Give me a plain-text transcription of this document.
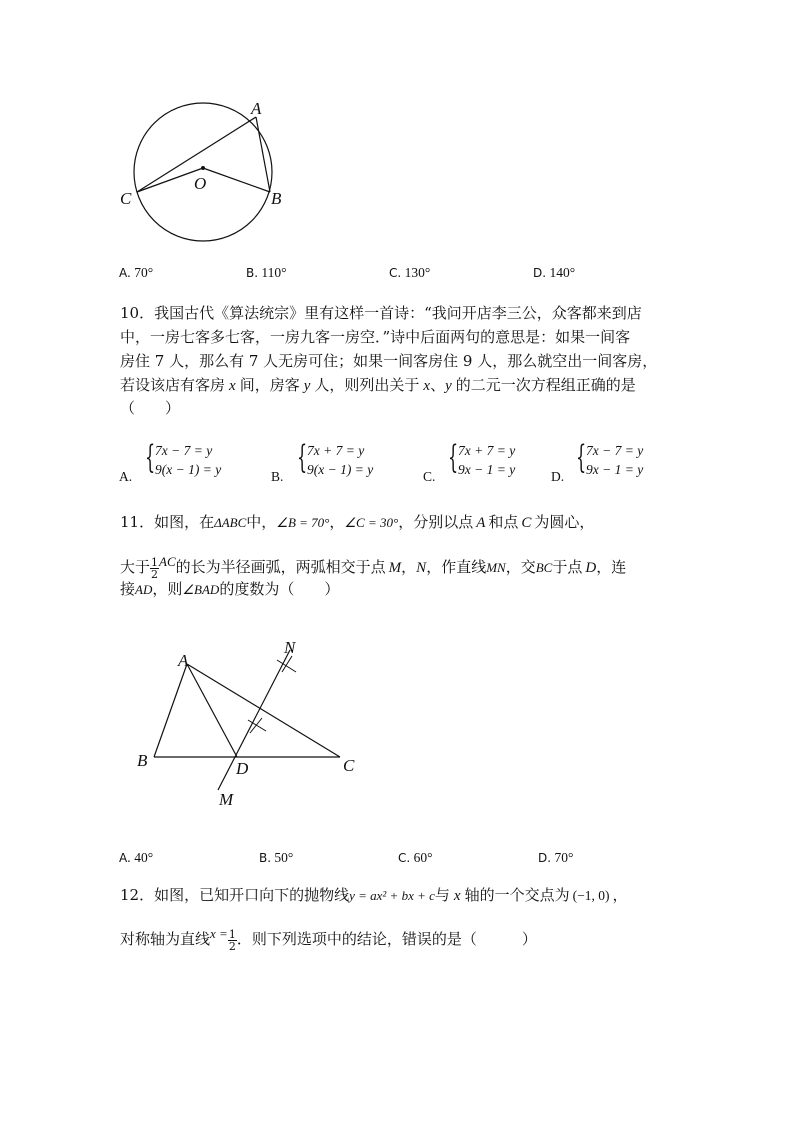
A
O
B
C
A. 70°	B. 110°	C. 130°	D. 140°
10．我国古代《算法统宗》里有这样一首诗：“我问开店李三公，众客都来到店
中，一房七客多七客，一房九客一房空．”诗中后面两句的意思是：如果一间客
房住 7 人，那么有 7 人无房可住；如果一间客房住 9 人，那么就空出一间客房，
若设该店有客房 x 间，房客 y 人，则列出关于 x、y 的二元一次方程组正确的是
（　　）
A.
{ 7x − 7 = y
9(x − 1) = y	B.
{ 7x + 7 = y
9(x − 1) = y	C.
{ 7x + 7 = y
9x − 1 = y	D.
{ 7x − 7 = y
9x − 1 = y
11．如图，在ΔABC中，∠B = 70°，∠C = 30°，分别以点 A 和点 C 为圆心，
大于 $\frac{1}{2}$ AC的长为半径画弧，两弧相交于点 M，N，作直线MN，交BC于点 D，连
接AD，则∠BAD的度数为（　　）
A
N
B	D	C
M
A. 40°	B. 50°	C. 60°	D. 70°
12．如图，已知开口向下的抛物线y = ax² + bx + c与 x 轴的一个交点为 (−1, 0) ，
对称轴为直线$x = \frac{1}{2}$ ．则下列选项中的结论，错误的是（　　　）
